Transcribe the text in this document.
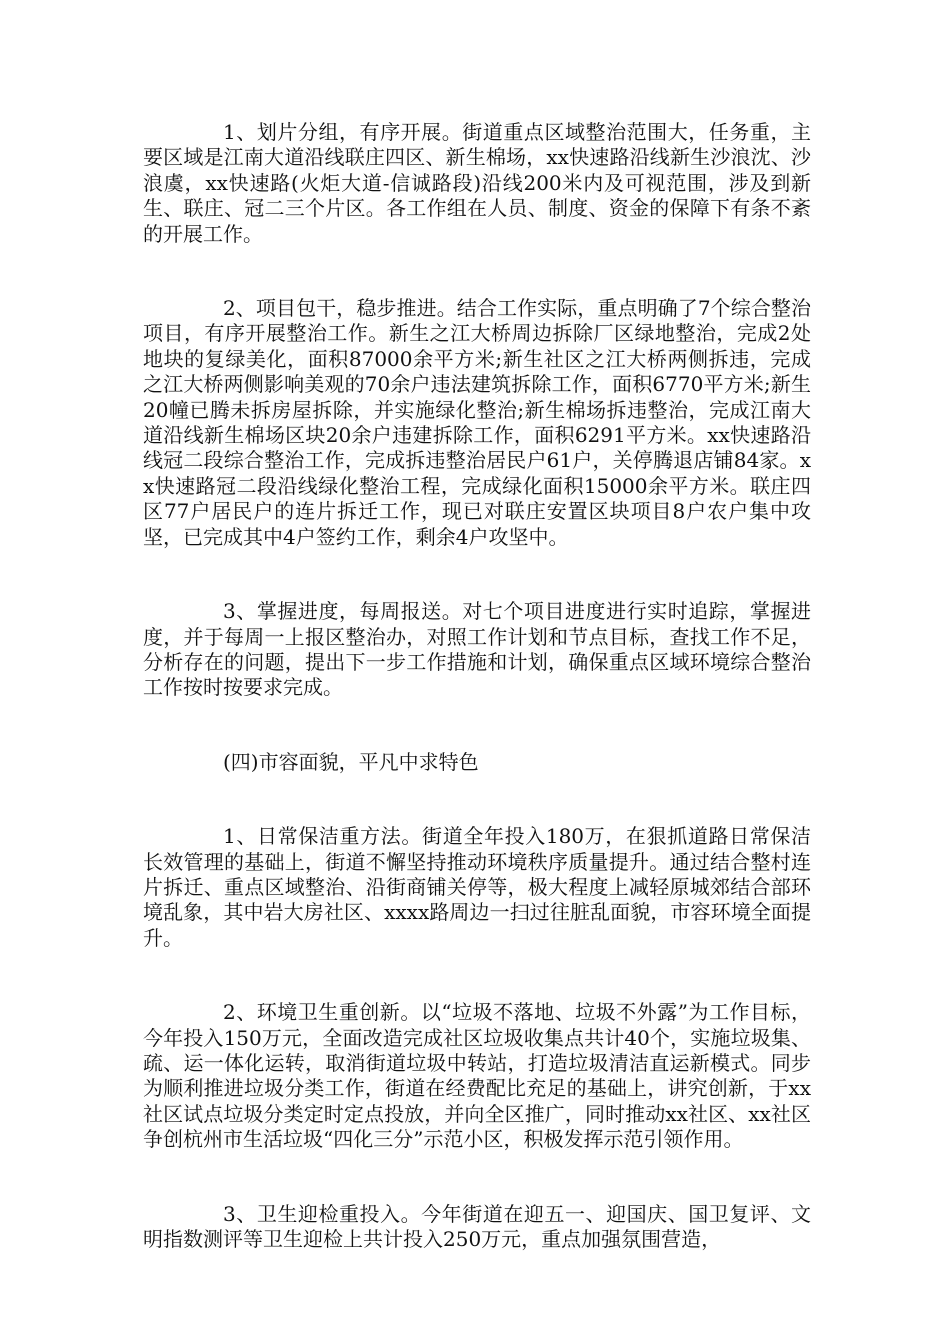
1、划片分组，有序开展。街道重点区域整治范围大，任务重，主要区域是江南大道沿线联庄四区、新生棉场，xx快速路沿线新生沙浪沈、沙浪虞，xx快速路(火炬大道-信诚路段)沿线200米内及可视范围，涉及到新生、联庄、冠二三个片区。各工作组在人员、制度、资金的保障下有条不紊的开展工作。

2、项目包干，稳步推进。结合工作实际，重点明确了7个综合整治项目，有序开展整治工作。新生之江大桥周边拆除厂区绿地整治，完成2处地块的复绿美化，面积87000余平方米;新生社区之江大桥两侧拆违，完成之江大桥两侧影响美观的70余户违法建筑拆除工作，面积6770平方米;新生20幢已腾未拆房屋拆除，并实施绿化整治;新生棉场拆违整治，完成江南大道沿线新生棉场区块20余户违建拆除工作，面积6291平方米。xx快速路沿线冠二段综合整治工作，完成拆违整治居民户61户，关停腾退店铺84家。xx快速路冠二段沿线绿化整治工程，完成绿化面积15000余平方米。联庄四区77户居民户的连片拆迁工作，现已对联庄安置区块项目8户农户集中攻坚，已完成其中4户签约工作，剩余4户攻坚中。

3、掌握进度，每周报送。对七个项目进度进行实时追踪，掌握进度，并于每周一上报区整治办，对照工作计划和节点目标，查找工作不足，分析存在的问题，提出下一步工作措施和计划，确保重点区域环境综合整治工作按时按要求完成。

(四)市容面貌，平凡中求特色

1、日常保洁重方法。街道全年投入180万，在狠抓道路日常保洁长效管理的基础上，街道不懈坚持推动环境秩序质量提升。通过结合整村连片拆迁、重点区域整治、沿街商铺关停等，极大程度上减轻原城郊结合部环境乱象，其中岩大房社区、xxxx路周边一扫过往脏乱面貌，市容环境全面提升。

2、环境卫生重创新。以“垃圾不落地、垃圾不外露”为工作目标，今年投入150万元，全面改造完成社区垃圾收集点共计40个，实施垃圾集、疏、运一体化运转，取消街道垃圾中转站，打造垃圾清洁直运新模式。同步为顺利推进垃圾分类工作，街道在经费配比充足的基础上，讲究创新，于xx社区试点垃圾分类定时定点投放，并向全区推广，同时推动xx社区、xx社区争创杭州市生活垃圾“四化三分”示范小区，积极发挥示范引领作用。

3、卫生迎检重投入。今年街道在迎五一、迎国庆、国卫复评、文明指数测评等卫生迎检上共计投入250万元，重点加强氛围营造，
